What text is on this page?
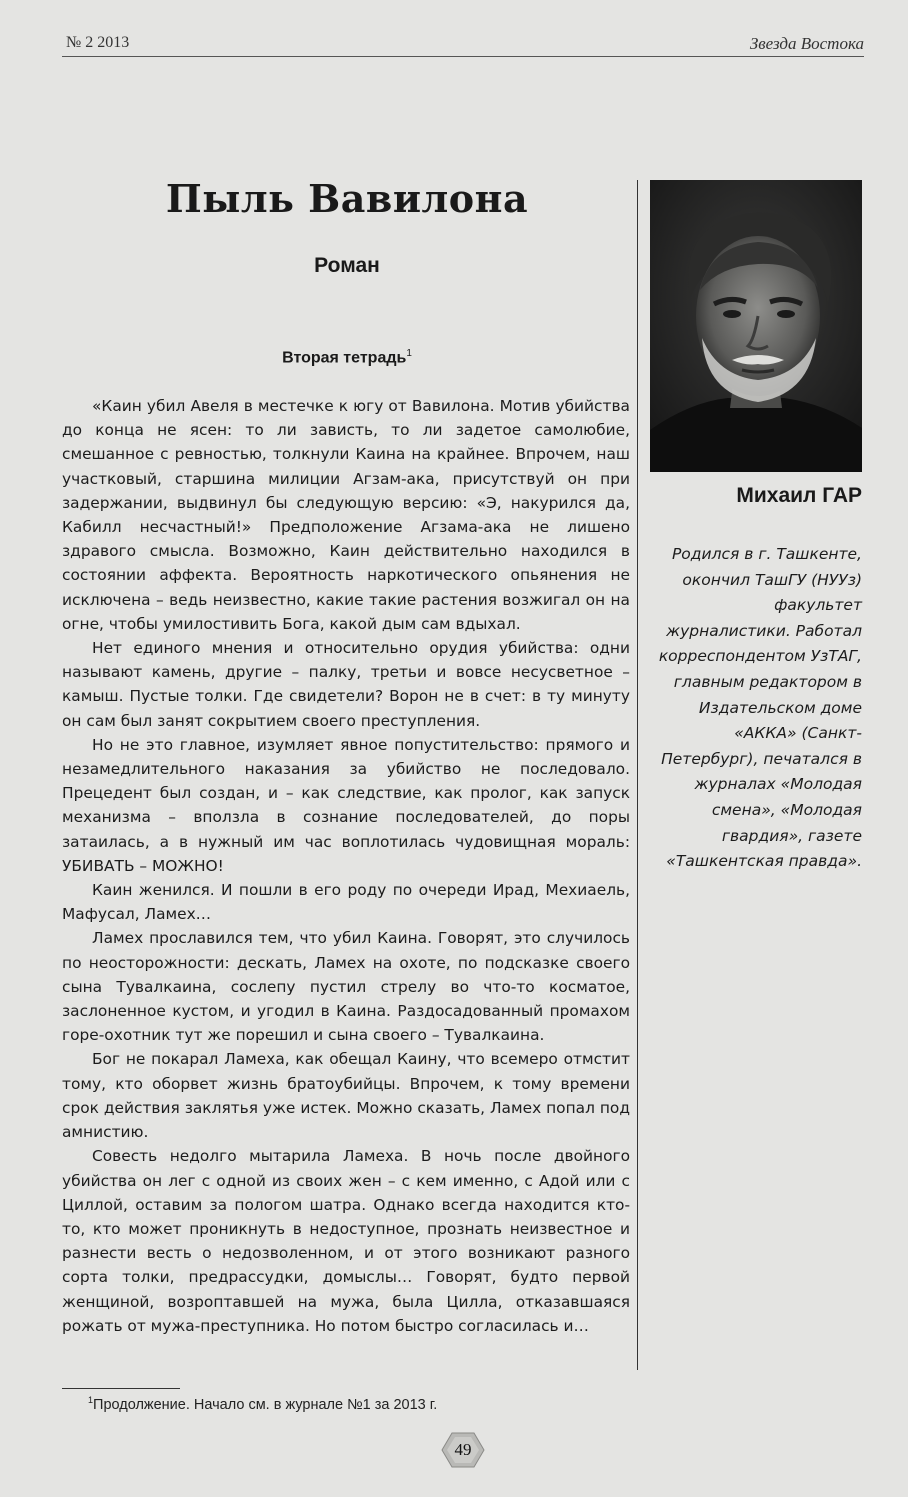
№ 2 2013	Звезда Востока
Пыль Вавилона
Роман
Вторая тетрадь$^1$

«Каин убил Авеля в местечке к югу от Вавилона. Мотив убийства до конца не ясен: то ли зависть, то ли задетое самолюбие, смешанное с ревностью, толкнули Каина на крайнее. Впрочем, наш участковый, старшина милиции Агзам-ака, присутствуй он при задержании, выдвинул бы следующую версию: «Э, накурился да, Кабилл несчастный!» Предположение Агзама-ака не лишено здравого смысла. Возможно, Каин действительно находился в состоянии аффекта. Вероятность наркотического опьянения не исключена – ведь неизвестно, какие такие растения возжигал он на огне, чтобы умилостивить Бога, какой дым сам вдыхал.

Нет единого мнения и относительно орудия убийства: одни называют камень, другие – палку, третьи и вовсе несусветное – камыш. Пустые толки. Где свидетели? Ворон не в счет: в ту минуту он сам был занят сокрытием своего преступления.

Но не это главное, изумляет явное попустительство: прямого и незамедлительного наказания за убийство не последовало. Прецедент был создан, и – как следствие, как пролог, как запуск механизма – вползла в сознание последователей, до поры затаилась, а в нужный им час воплотилась чудовищная мораль: УБИВАТЬ – МОЖНО!

Каин женился. И пошли в его роду по очереди Ирад, Мехиаель, Мафусал, Ламех…

Ламех прославился тем, что убил Каина. Говорят, это случилось по неосторожности: дескать, Ламех на охоте, по подсказке своего сына Тувалкаина, сослепу пустил стрелу во что-то косматое, заслоненное кустом, и угодил в Каина. Раздосадованный промахом горе-охотник тут же порешил и сына своего – Тувалкаина.

Бог не покарал Ламеха, как обещал Каину, что всемеро отмстит тому, кто оборвет жизнь братоубийцы. Впрочем, к тому времени срок действия заклятья уже истек. Можно сказать, Ламех попал под амнистию.

Совесть недолго мытарила Ламеха. В ночь после двойного убийства он лег с одной из своих жен – с кем именно, с Адой или с Циллой, оставим за пологом шатра. Однако всегда находится кто-то, кто может проникнуть в недоступное, прознать неизвестное и разнести весть о недозволенном, и от этого возникают разного сорта толки, предрассудки, домыслы… Говорят, будто первой женщиной, возроптавшей на мужа, была Цилла, отказавшаяся рожать от мужа-преступника. Но потом быстро согласилась и…

Михаил ГАР
Родился в г. Ташкенте, окончил ТашГУ (НУУз) факультет журналистики. Работал корреспондентом УзТАГ, главным редактором в Издательском доме «АККА» (Санкт-Петербург), печатался в журналах «Молодая смена», «Молодая гвардия», газете «Ташкентская правда».
$^1$Продолжение. Начало см. в журнале №1 за 2013 г.
49
